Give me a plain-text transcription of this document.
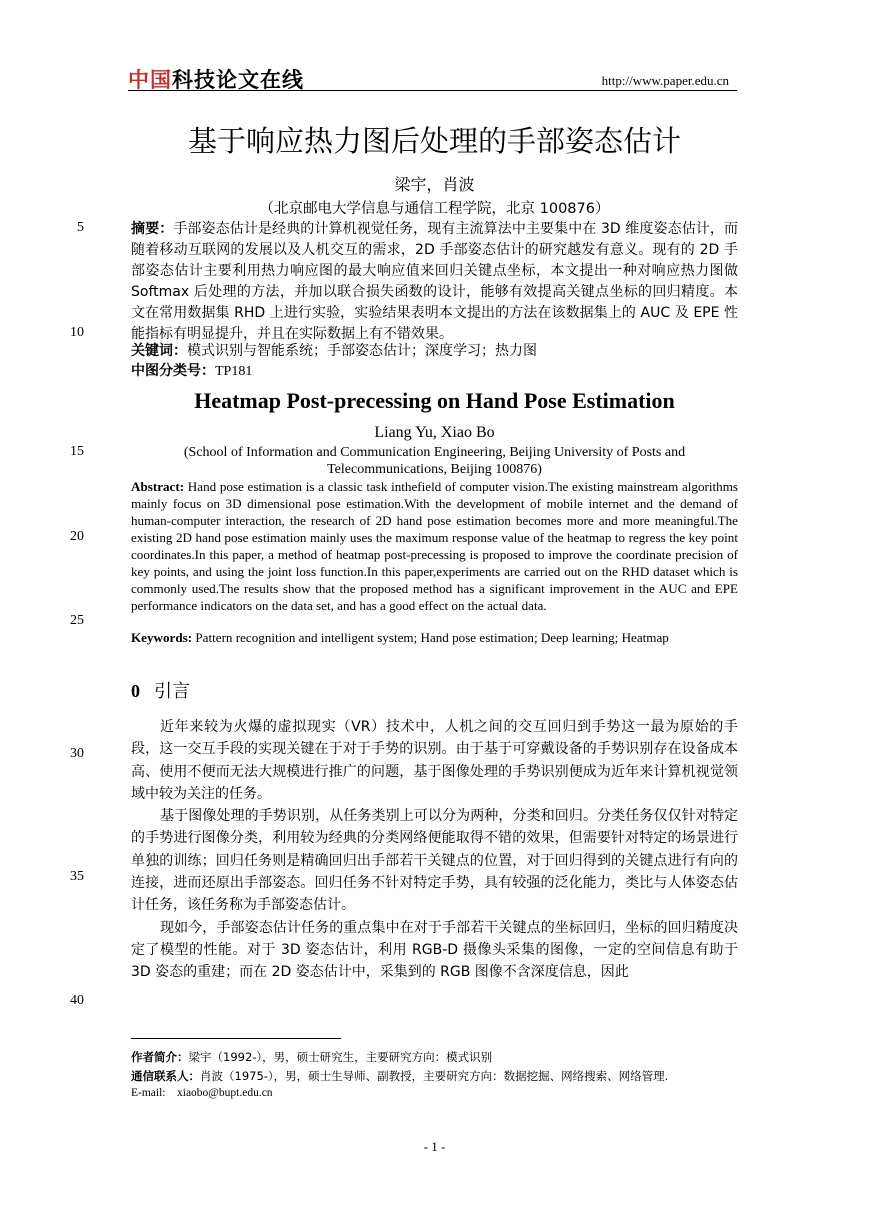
中国科技论文在线	http://www.paper.edu.cn
基于响应热力图后处理的手部姿态估计
梁宇，肖波
（北京邮电大学信息与通信工程学院，北京 100876）
5
10
15
20
25
30
35
40
摘要：手部姿态估计是经典的计算机视觉任务，现有主流算法中主要集中在 3D 维度姿态估计，而随着移动互联网的发展以及人机交互的需求，2D 手部姿态估计的研究越发有意义。现有的 2D 手部姿态估计主要利用热力响应图的最大响应值来回归关键点坐标，本文提出一种对响应热力图做 Softmax 后处理的方法，并加以联合损失函数的设计，能够有效提高关键点坐标的回归精度。本文在常用数据集 RHD 上进行实验，实验结果表明本文提出的方法在该数据集上的 AUC 及 EPE 性能指标有明显提升，并且在实际数据上有不错效果。
关键词：模式识别与智能系统；手部姿态估计；深度学习；热力图
中图分类号：TP181
Heatmap Post-precessing on Hand Pose Estimation
Liang Yu, Xiao Bo
(School of Information and Communication Engineering, Beijing University of Posts and Telecommunications, Beijing 100876)
Abstract: Hand pose estimation is a classic task inthefield of computer vision.The existing mainstream algorithms mainly focus on 3D dimensional pose estimation.With the development of mobile internet and the demand of human-computer interaction, the research of 2D hand pose estimation becomes more and more meaningful.The existing 2D hand pose estimation mainly uses the maximum response value of the heatmap to regress the key point coordinates.In this paper, a method of heatmap post-precessing is proposed to improve the coordinate precision of key points, and using the joint loss function.In this paper,experiments are carried out on the RHD dataset which is commonly used.The results show that the proposed method has a significant improvement in the AUC and EPE performance indicators on the data set, and has a good effect on the actual data.
Keywords: Pattern recognition and intelligent system; Hand pose estimation; Deep learning; Heatmap
0 引言

近年来较为火爆的虚拟现实（VR）技术中，人机之间的交互回归到手势这一最为原始的手段，这一交互手段的实现关键在于对于手势的识别。由于基于可穿戴设备的手势识别存在设备成本高、使用不便而无法大规模进行推广的问题，基于图像处理的手势识别便成为近年来计算机视觉领域中较为关注的任务。

基于图像处理的手势识别，从任务类别上可以分为两种，分类和回归。分类任务仅仅针对特定的手势进行图像分类，利用较为经典的分类网络便能取得不错的效果，但需要针对特定的场景进行单独的训练；回归任务则是精确回归出手部若干关键点的位置，对于回归得到的关键点进行有向的连接，进而还原出手部姿态。回归任务不针对特定手势，具有较强的泛化能力，类比与人体姿态估计任务，该任务称为手部姿态估计。

现如今，手部姿态估计任务的重点集中在对于手部若干关键点的坐标回归，坐标的回归精度决定了模型的性能。对于 3D 姿态估计，利用 RGB-D 摄像头采集的图像，一定的空间信息有助于 3D 姿态的重建；而在 2D 姿态估计中，采集到的 RGB 图像不含深度信息，因此

作者简介：梁宇（1992-），男，硕士研究生，主要研究方向：模式识别
通信联系人：肖波（1975-），男，硕士生导师、副教授，主要研究方向：数据挖掘、网络搜索、网络管理.
E-mail: xiaobo@bupt.edu.cn
- 1 -
